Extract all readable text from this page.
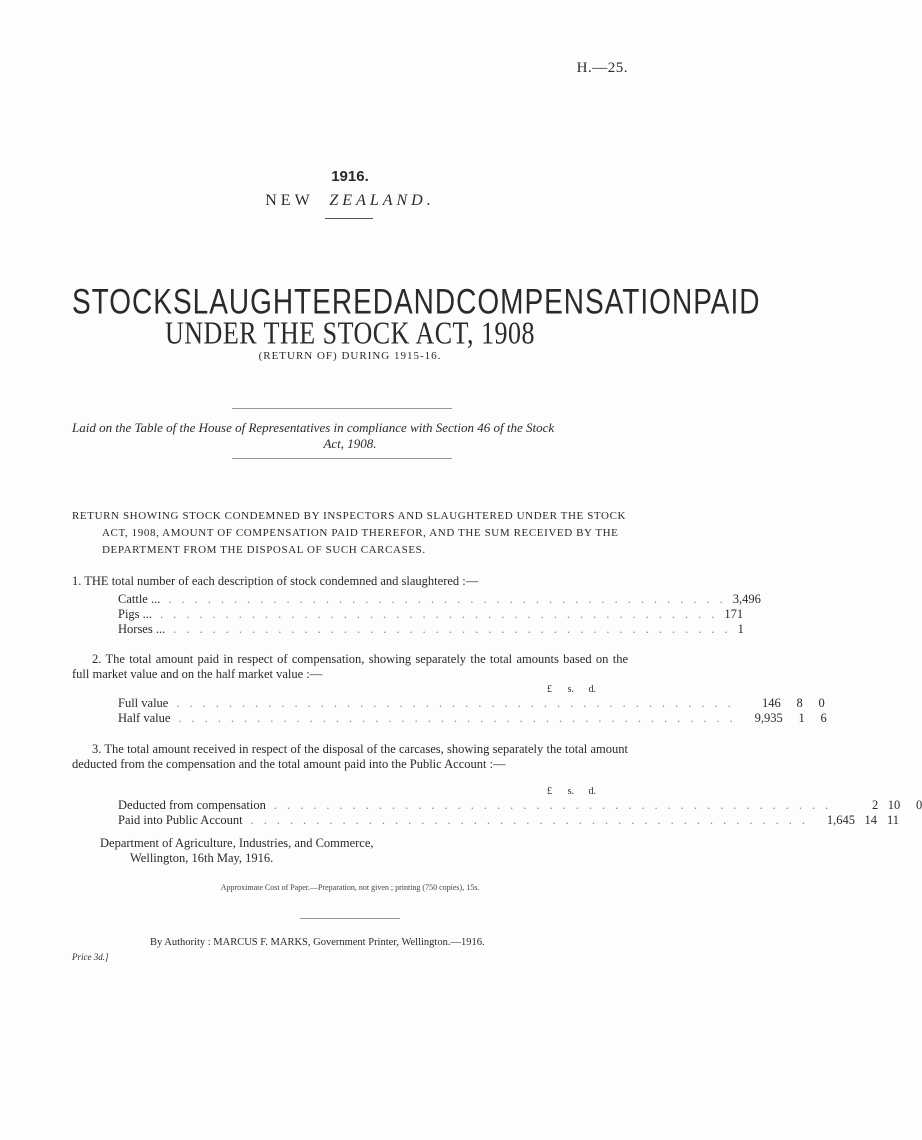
H.—25.
1916.
NEW ZEALAND.
STOCK SLAUGHTERED AND COMPENSATION PAID
UNDER THE STOCK ACT, 1908
(RETURN OF) DURING 1915-16.
Laid on the Table of the House of Representatives in compliance with Section 46 of the Stock
Act, 1908.
RETURN SHOWING STOCK CONDEMNED BY INSPECTORS AND SLAUGHTERED UNDER THE STOCK
ACT, 1908, AMOUNT OF COMPENSATION PAID THEREFOR, AND THE SUM RECEIVED BY THE
DEPARTMENT FROM THE DISPOSAL OF SUCH CARCASES.
1. THE total number of each description of stock condemned and slaughtered :—
Cattle ... ........................................... 3,496
Pigs ... ........................................... 171
Horses ... ........................................... 1
2. The total amount paid in respect of compensation, showing separately the total amounts based on the full market value and on the half market value :—
£	s.	d.
Full value ...........................................	146 8 0
Half value ........................................... 9,935 1 6
3. The total amount received in respect of the disposal of the carcases, showing separately the total amount deducted from the compensation and the total amount paid into the Public Account :—
£	s.	d.
Deducted from compensation ...........................................	2 10 0
Paid into Public Account ........................................... 1,645 14 11
Department of Agriculture, Industries, and Commerce,
Wellington, 16th May, 1916.
Approximate Cost of Paper.—Preparation, not given ; printing (750 copies), 15s.
By Authority : MARCUS F. MARKS, Government Printer, Wellington.—1916.
Price 3d.]
